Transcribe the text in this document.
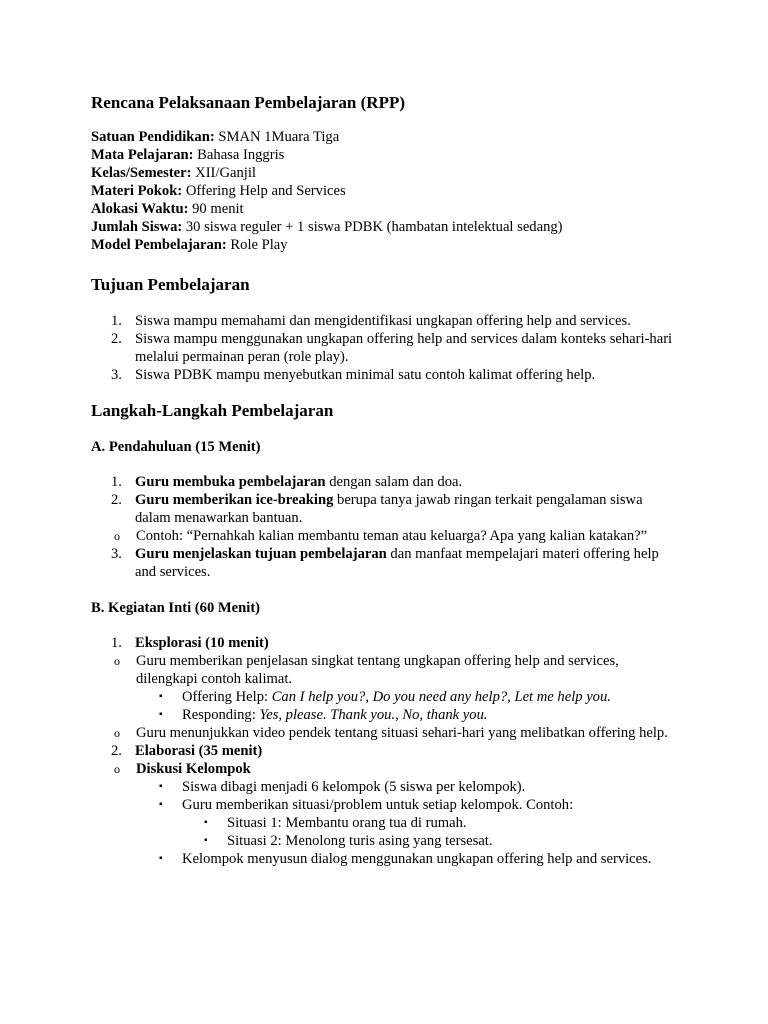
Rencana Pelaksanaan Pembelajaran (RPP)
Satuan Pendidikan: SMAN 1Muara Tiga
Mata Pelajaran: Bahasa Inggris
Kelas/Semester: XII/Ganjil
Materi Pokok: Offering Help and Services
Alokasi Waktu: 90 menit
Jumlah Siswa: 30 siswa reguler + 1 siswa PDBK (hambatan intelektual sedang)
Model Pembelajaran: Role Play
Tujuan Pembelajaran
1. Siswa mampu memahami dan mengidentifikasi ungkapan offering help and services.
2. Siswa mampu menggunakan ungkapan offering help and services dalam konteks sehari-hari melalui permainan peran (role play).
3. Siswa PDBK mampu menyebutkan minimal satu contoh kalimat offering help.
Langkah-Langkah Pembelajaran
A. Pendahuluan (15 Menit)
1. Guru membuka pembelajaran dengan salam dan doa.
2. Guru memberikan ice-breaking berupa tanya jawab ringan terkait pengalaman siswa dalam menawarkan bantuan.
o Contoh: “Pernahkah kalian membantu teman atau keluarga? Apa yang kalian katakan?”
3. Guru menjelaskan tujuan pembelajaran dan manfaat mempelajari materi offering help and services.
B. Kegiatan Inti (60 Menit)
1. Eksplorasi (10 menit)
o Guru memberikan penjelasan singkat tentang ungkapan offering help and services, dilengkapi contoh kalimat.
▪ Offering Help: Can I help you?, Do you need any help?, Let me help you.
▪ Responding: Yes, please. Thank you., No, thank you.
o Guru menunjukkan video pendek tentang situasi sehari-hari yang melibatkan offering help.
2. Elaborasi (35 menit)
o Diskusi Kelompok
▪ Siswa dibagi menjadi 6 kelompok (5 siswa per kelompok).
▪ Guru memberikan situasi/problem untuk setiap kelompok. Contoh:
▪ Situasi 1: Membantu orang tua di rumah.
▪ Situasi 2: Menolong turis asing yang tersesat.
▪ Kelompok menyusun dialog menggunakan ungkapan offering help and services.
